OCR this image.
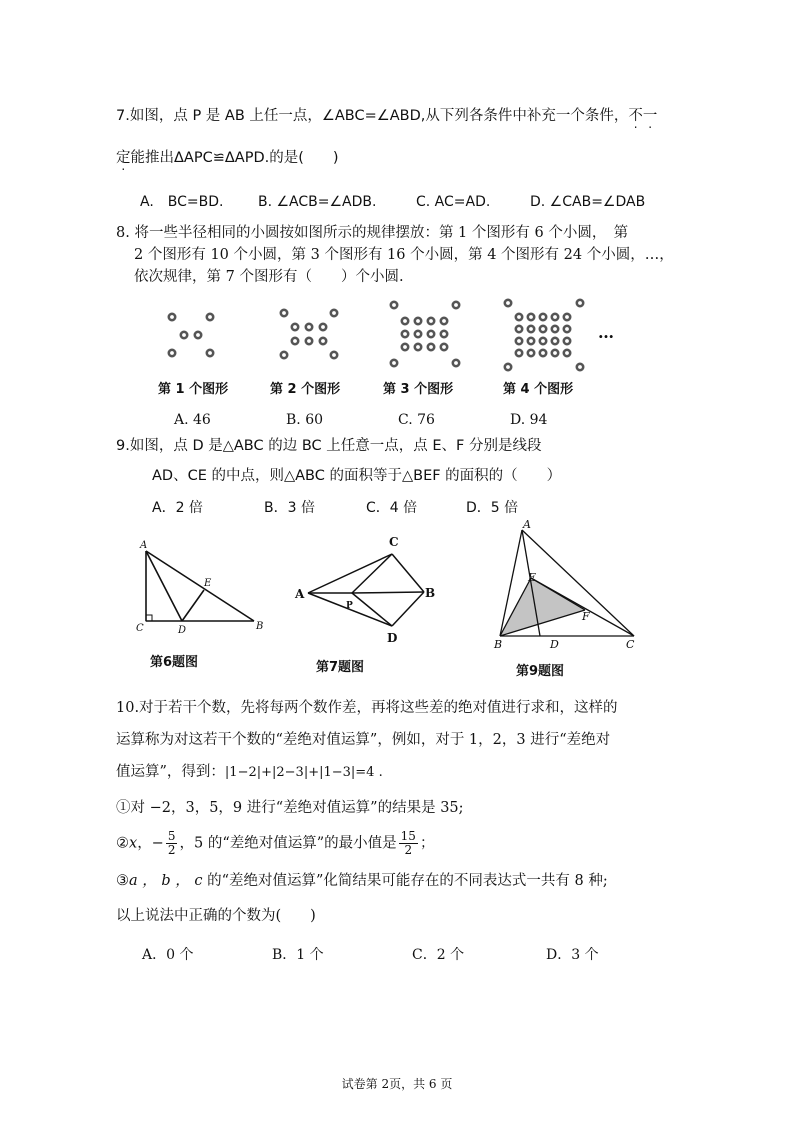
7.如图，点 P 是 AB 上任一点，∠ABC=∠ABD,从下列各条件中补充一个条件，不一
定能推出ΔAPC≌ΔAPD.的是(　　)
A.　BC=BD. B. ∠ACB=∠ADB.	C. AC=AD.	D. ∠CAB=∠DAB
8. 将一些半径相同的小圆按如图所示的规律摆放：第 1 个图形有 6 个小圆，　第
2 个图形有 10 个小圆，第 3 个图形有 16 个小圆，第 4 个图形有 24 个小圆，…，
依次规律，第 7 个图形有（　　）个小圆.
…
第 1 个图形	第 2 个图形	第 3 个图形	第 4 个图形
A. 46	B. 60	C. 76	D. 94
9.如图，点 D 是△ABC 的边 BC 上任意一点，点 E、F 分别是线段
AD、CE 的中点，则△ABC 的面积等于△BEF 的面积的（　　）
A．2 倍	B．3 倍	C．4 倍	D．5 倍
A
E
C	D	B
第6题图
C
A
P
B
D
第7题图
A
E
F
B	D	C
第9题图
10.对于若干个数，先将每两个数作差，再将这些差的绝对值进行求和，这样的
运算称为对这若干个数的“差绝对值运算”，例如，对于 1，2，3 进行“差绝对
值运算”，得到：|1−2|+|2−3|+|1−3|=4 .
①对 −2，3，5，9 进行“差绝对值运算”的结果是 35;
②x，− $\frac{5}{2}$ ，5 的“差绝对值运算”的最小值是 $\frac{15}{2}$ ；
③a ， b ， c 的“差绝对值运算”化简结果可能存在的不同表达式一共有 8 种;
以上说法中正确的个数为(　　)
A．0 个	B．1 个	C．2 个	D．3 个
试卷第 2页，共 6 页
